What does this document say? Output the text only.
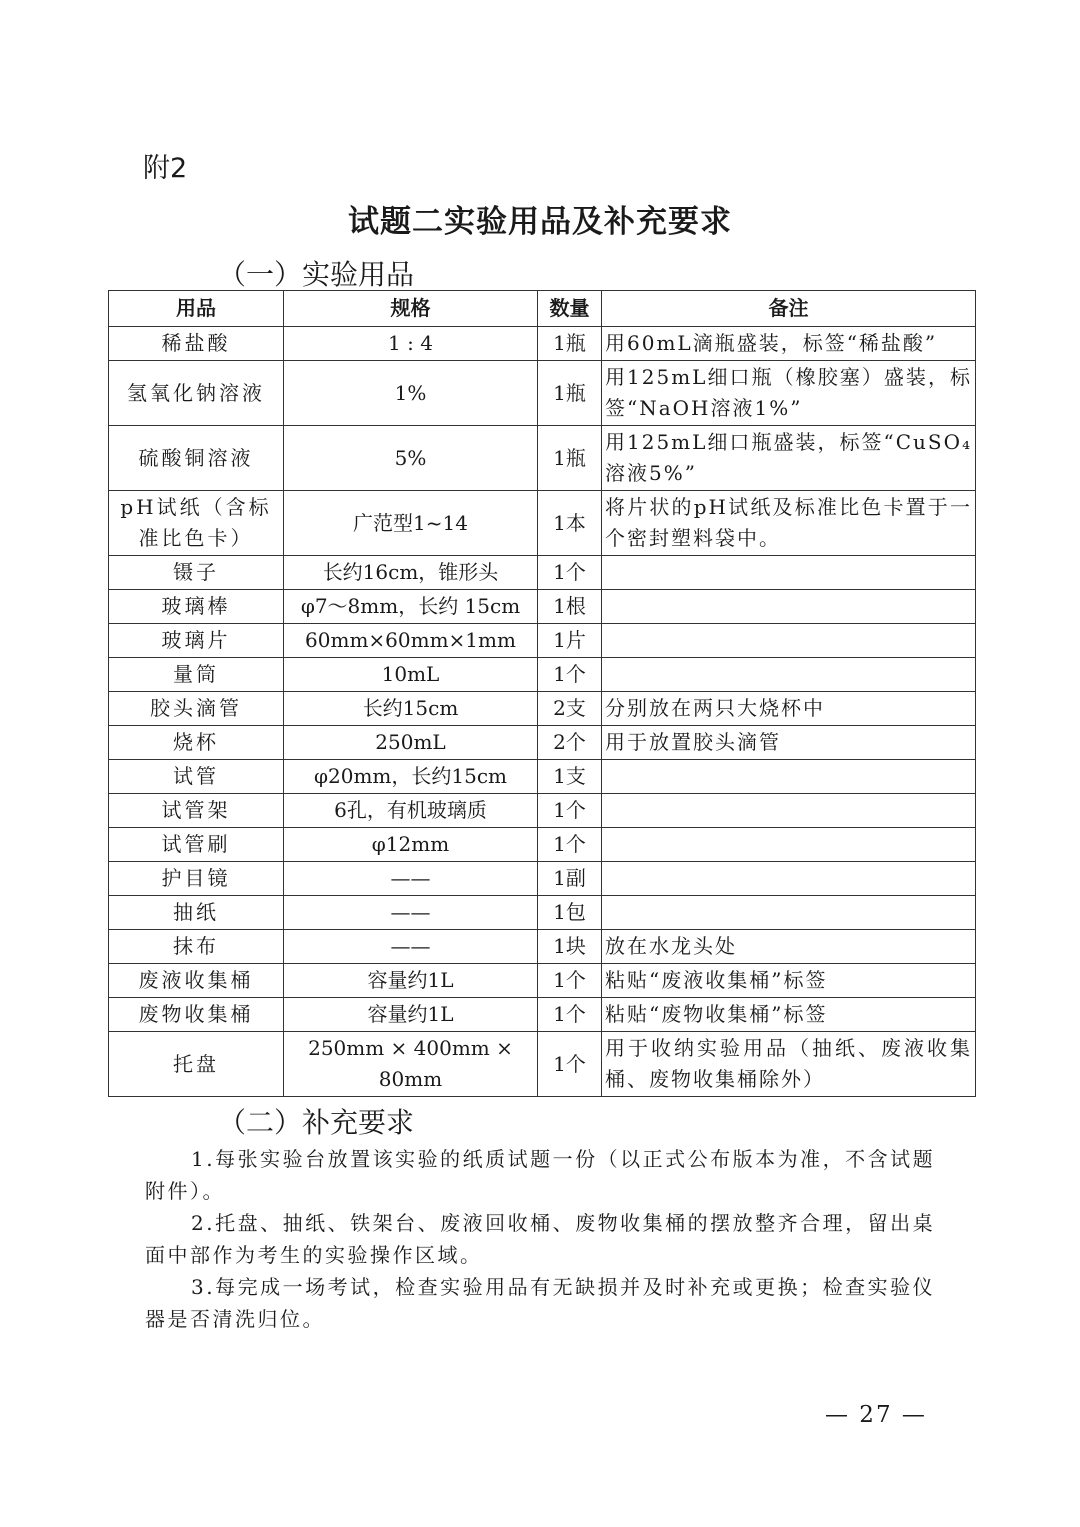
附2
试题二实验用品及补充要求
（一）实验用品
用品	规格	数量	备注
稀盐酸	1 : 4	1瓶	用60mL滴瓶盛装，标签“稀盐酸”
氢氧化钠溶液	1%	1瓶	用125mL细口瓶（橡胶塞）盛装，标签“NaOH溶液1%”
硫酸铜溶液	5%	1瓶	用125mL细口瓶盛装，标签“CuSO₄溶液5%”
pH试纸（含标准比色卡）	广范型1~14	1本	将片状的pH试纸及标准比色卡置于一个密封塑料袋中。
镊子	长约16cm，锥形头	1个	
玻璃棒	φ7～8mm，长约 15cm	1根	
玻璃片	60mm×60mm×1mm	1片	
量筒	10mL	1个	
胶头滴管	长约15cm	2支	分别放在两只大烧杯中
烧杯	250mL	2个	用于放置胶头滴管
试管	φ20mm，长约15cm	1支	
试管架	6孔，有机玻璃质	1个	
试管刷	φ12mm	1个	
护目镜	——	1副	
抽纸	——	1包	
抹布	——	1块	放在水龙头处
废液收集桶	容量约1L	1个	粘贴“废液收集桶”标签
废物收集桶	容量约1L	1个	粘贴“废物收集桶”标签
托盘	250mm × 400mm × 80mm	1个	用于收纳实验用品（抽纸、废液收集桶、废物收集桶除外）
（二）补充要求

1.每张实验台放置该实验的纸质试题一份（以正式公布版本为准，不含试题附件）。

2.托盘、抽纸、铁架台、废液回收桶、废物收集桶的摆放整齐合理，留出桌面中部作为考生的实验操作区域。

3.每完成一场考试，检查实验用品有无缺损并及时补充或更换；检查实验仪器是否清洗归位。

— 27 —
